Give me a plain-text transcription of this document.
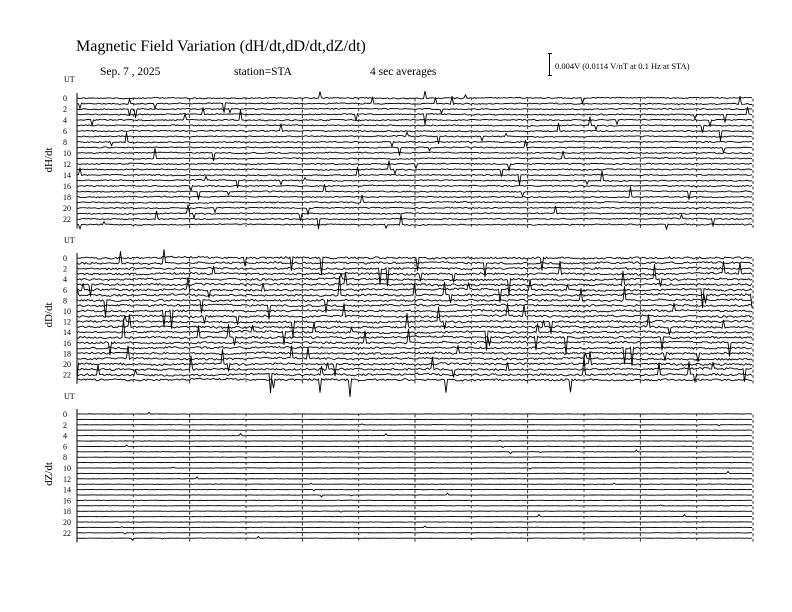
Magnetic Field Variation (dH/dt,dD/dt,dZ/dt)
Sep. 7 , 2025	station=STA	4 sec averages	0.004V (0.0114 V/nT at 0.1 Hz at STA)
UT
dH/dt
0
2
4
6
8
10
12
14
16
18
20
22
UT
dD/dt
0
2
4
6
8
10
12
14
16
18
20
22
UT
dZ/dt
0
2
4
6
8
10
12
14
16
18
20
22
